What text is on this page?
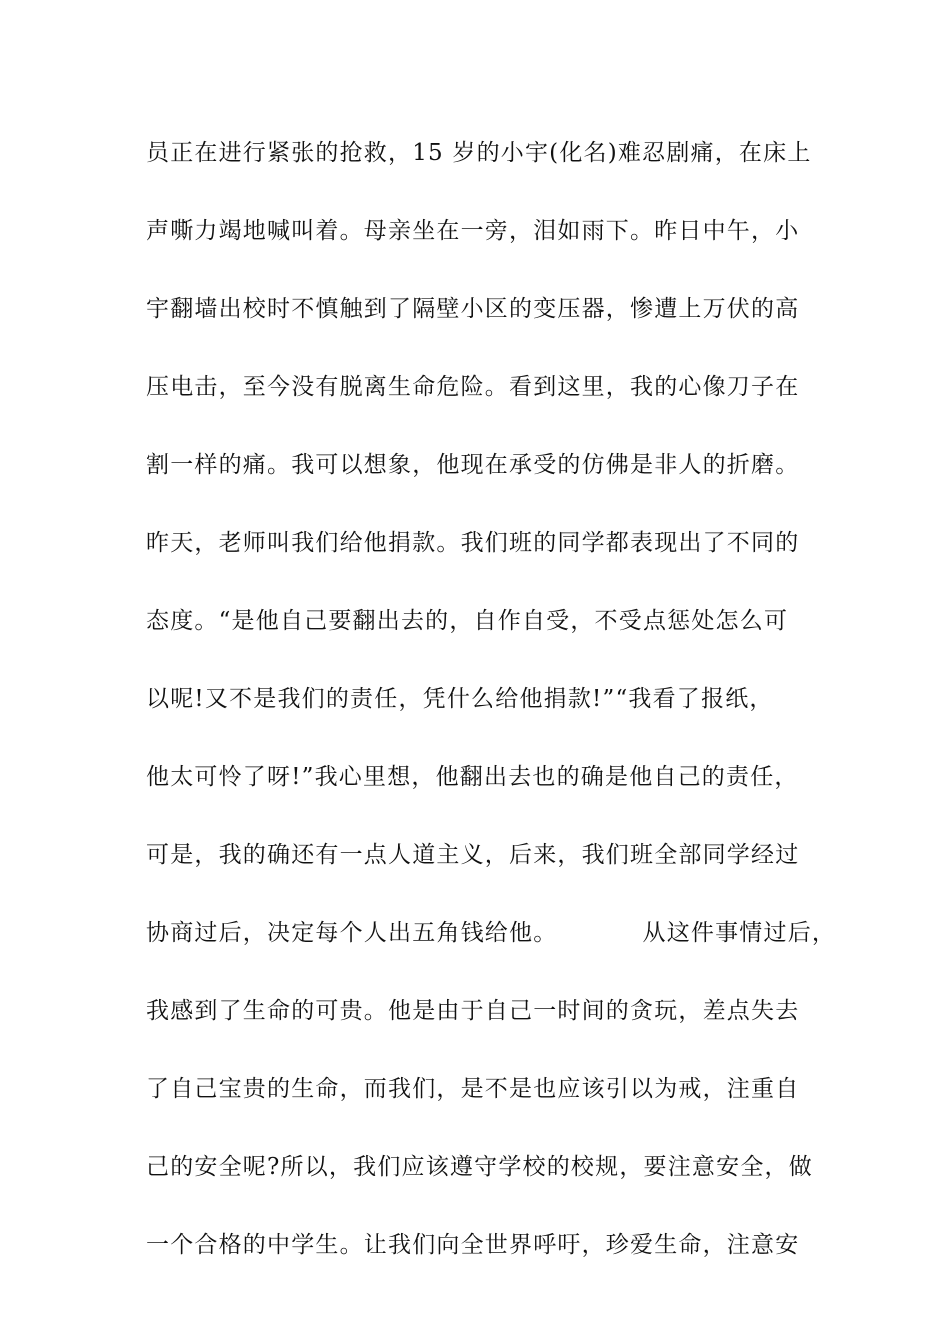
员正在进行紧张的抢救，15 岁的小宇(化名)难忍剧痛，在床上
声嘶力竭地喊叫着。母亲坐在一旁，泪如雨下。昨日中午，小
宇翻墙出校时不慎触到了隔壁小区的变压器，惨遭上万伏的高
压电击，至今没有脱离生命危险。看到这里，我的心像刀子在
割一样的痛。我可以想象，他现在承受的仿佛是非人的折磨。
昨天，老师叫我们给他捐款。我们班的同学都表现出了不同的
态度。“是他自己要翻出去的，自作自受，不受点惩处怎么可
以呢!又不是我们的责任，凭什么给他捐款!”“我看了报纸，
他太可怜了呀!”我心里想，他翻出去也的确是他自己的责任，
可是，我的确还有一点人道主义，后来，我们班全部同学经过
协商过后，决定每个人出五角钱给他。          从这件事情过后，
我感到了生命的可贵。他是由于自己一时间的贪玩，差点失去
了自己宝贵的生命，而我们，是不是也应该引以为戒，注重自
己的安全呢?所以，我们应该遵守学校的校规，要注意安全，做
一个合格的中学生。让我们向全世界呼吁，珍爱生命，注意安
